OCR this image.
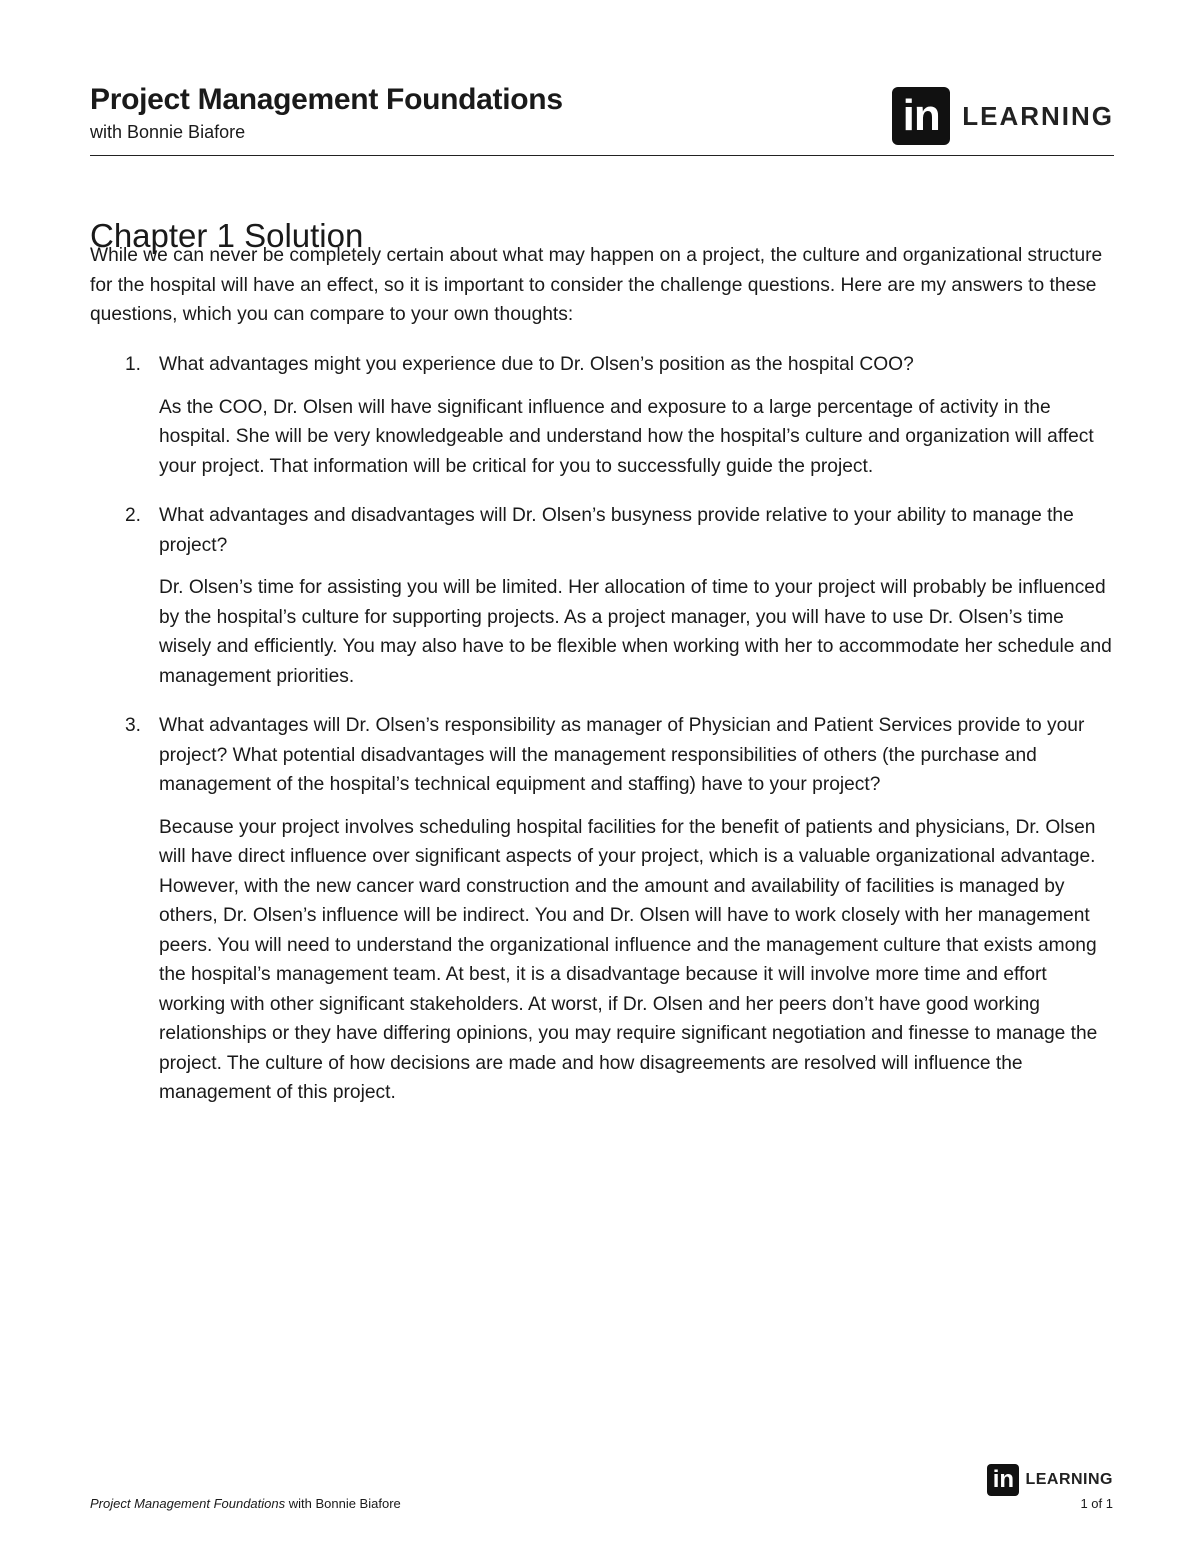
Project Management Foundations
with Bonnie Biafore	in LEARNING
Chapter 1 Solution

While we can never be completely certain about what may happen on a project, the culture and organizational structure for the hospital will have an effect, so it is important to consider the challenge questions. Here are my answers to these questions, which you can compare to your own thoughts:

1. What advantages might you experience due to Dr. Olsen’s position as the hospital COO?

As the COO, Dr. Olsen will have significant influence and exposure to a large percentage of activity in the hospital. She will be very knowledgeable and understand how the hospital’s culture and organization will affect your project. That information will be critical for you to successfully guide the project.

2. What advantages and disadvantages will Dr. Olsen’s busyness provide relative to your ability to manage the project?

Dr. Olsen’s time for assisting you will be limited. Her allocation of time to your project will probably be influenced by the hospital’s culture for supporting projects. As a project manager, you will have to use Dr. Olsen’s time wisely and efficiently. You may also have to be flexible when working with her to accommodate her schedule and management priorities.

3. What advantages will Dr. Olsen’s responsibility as manager of Physician and Patient Services provide to your project? What potential disadvantages will the management responsibilities of others (the purchase and management of the hospital’s technical equipment and staffing) have to your project?

Because your project involves scheduling hospital facilities for the benefit of patients and physicians, Dr. Olsen will have direct influence over significant aspects of your project, which is a valuable organizational advantage. However, with the new cancer ward construction and the amount and availability of facilities is managed by others, Dr. Olsen’s influence will be indirect. You and Dr. Olsen will have to work closely with her management peers. You will need to understand the organizational influence and the management culture that exists among the hospital’s management team. At best, it is a disadvantage because it will involve more time and effort working with other significant stakeholders. At worst, if Dr. Olsen and her peers don’t have good working relationships or they have differing opinions, you may require significant negotiation and finesse to manage the project. The culture of how decisions are made and how disagreements are resolved will influence the management of this project.

in LEARNING
Project Management Foundations with Bonnie Biafore	1 of 1
